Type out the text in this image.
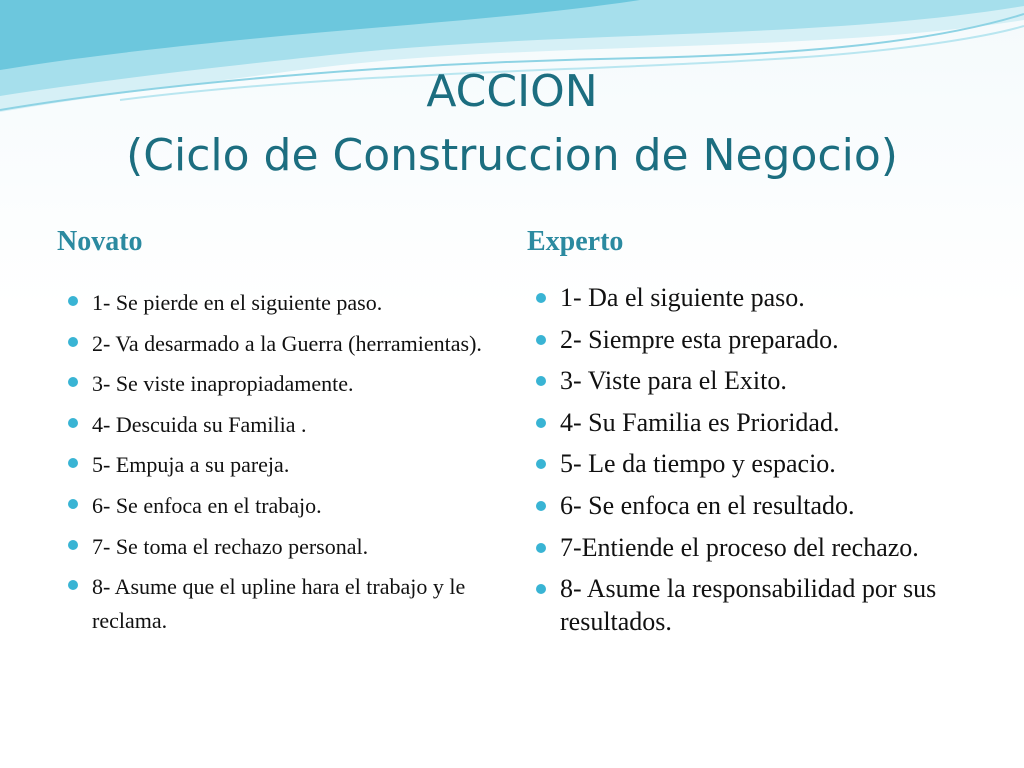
ACCION
(Ciclo de Construccion de Negocio)
Novato	Experto
1- Se pierde en el siguiente paso.
2- Va desarmado a la Guerra (herramientas).
3- Se viste inapropiadamente.
4- Descuida su Familia .
5- Empuja a su pareja.
6- Se enfoca en el trabajo.
7- Se toma el rechazo personal.
8- Asume que el upline hara el trabajo y le reclama.
1- Da el siguiente paso.
2- Siempre esta preparado.
3- Viste para el Exito.
4- Su Familia es Prioridad.
5- Le da tiempo y espacio.
6- Se enfoca en el resultado.
7-Entiende el proceso del rechazo.
8- Asume la responsabilidad por sus resultados.
